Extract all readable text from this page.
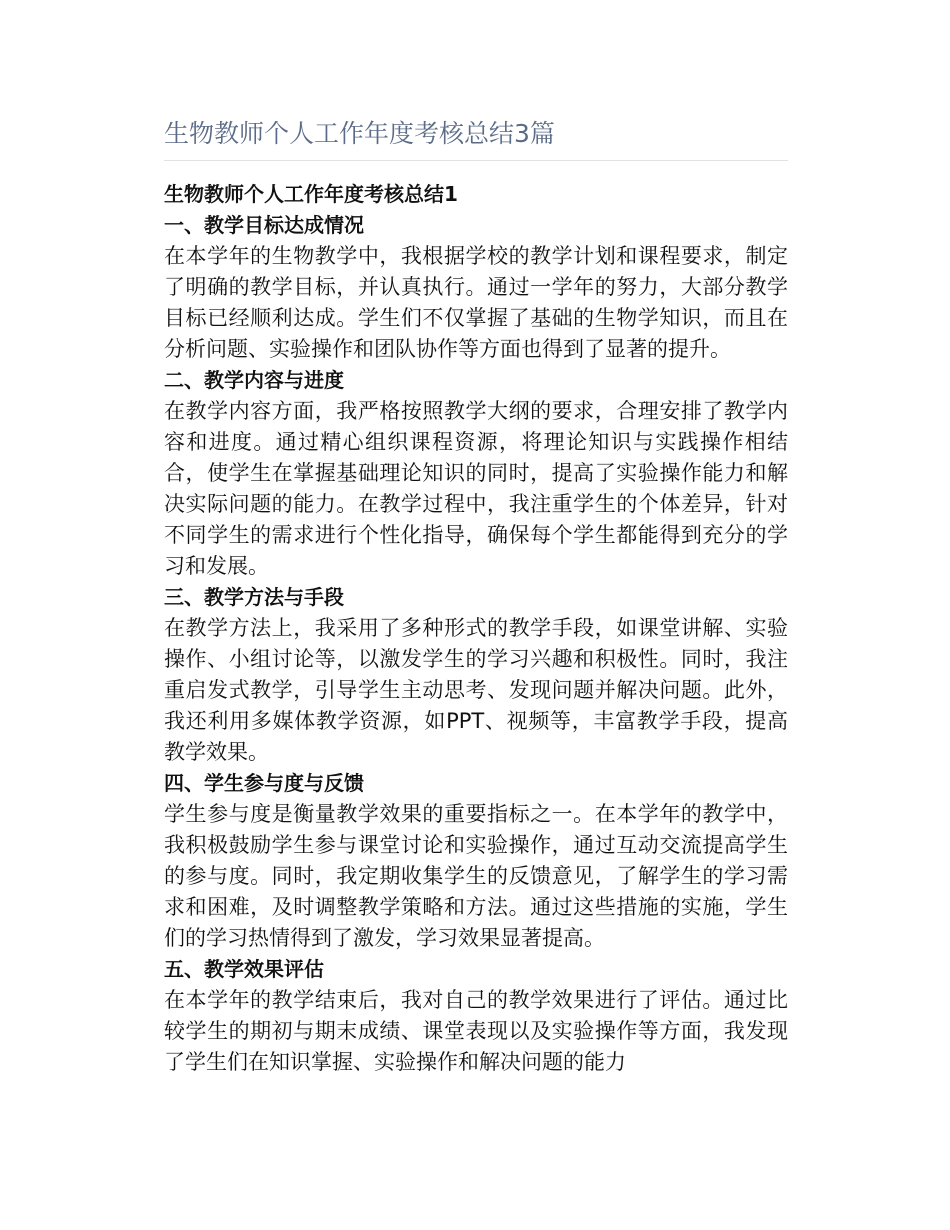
生物教师个人工作年度考核总结3篇
生物教师个人工作年度考核总结1
一、教学目标达成情况

在本学年的生物教学中，我根据学校的教学计划和课程要求，制定了明确的教学目标，并认真执行。通过一学年的努力，大部分教学目标已经顺利达成。学生们不仅掌握了基础的生物学知识，而且在分析问题、实验操作和团队协作等方面也得到了显著的提升。

二、教学内容与进度

在教学内容方面，我严格按照教学大纲的要求，合理安排了教学内容和进度。通过精心组织课程资源，将理论知识与实践操作相结合，使学生在掌握基础理论知识的同时，提高了实验操作能力和解决实际问题的能力。在教学过程中，我注重学生的个体差异，针对不同学生的需求进行个性化指导，确保每个学生都能得到充分的学习和发展。

三、教学方法与手段

在教学方法上，我采用了多种形式的教学手段，如课堂讲解、实验操作、小组讨论等，以激发学生的学习兴趣和积极性。同时，我注重启发式教学，引导学生主动思考、发现问题并解决问题。此外，我还利用多媒体教学资源，如PPT、视频等，丰富教学手段，提高教学效果。

四、学生参与度与反馈

学生参与度是衡量教学效果的重要指标之一。在本学年的教学中，我积极鼓励学生参与课堂讨论和实验操作，通过互动交流提高学生的参与度。同时，我定期收集学生的反馈意见，了解学生的学习需求和困难，及时调整教学策略和方法。通过这些措施的实施，学生们的学习热情得到了激发，学习效果显著提高。

五、教学效果评估

在本学年的教学结束后，我对自己的教学效果进行了评估。通过比较学生的期初与期末成绩、课堂表现以及实验操作等方面，我发现了学生们在知识掌握、实验操作和解决问题的能力
